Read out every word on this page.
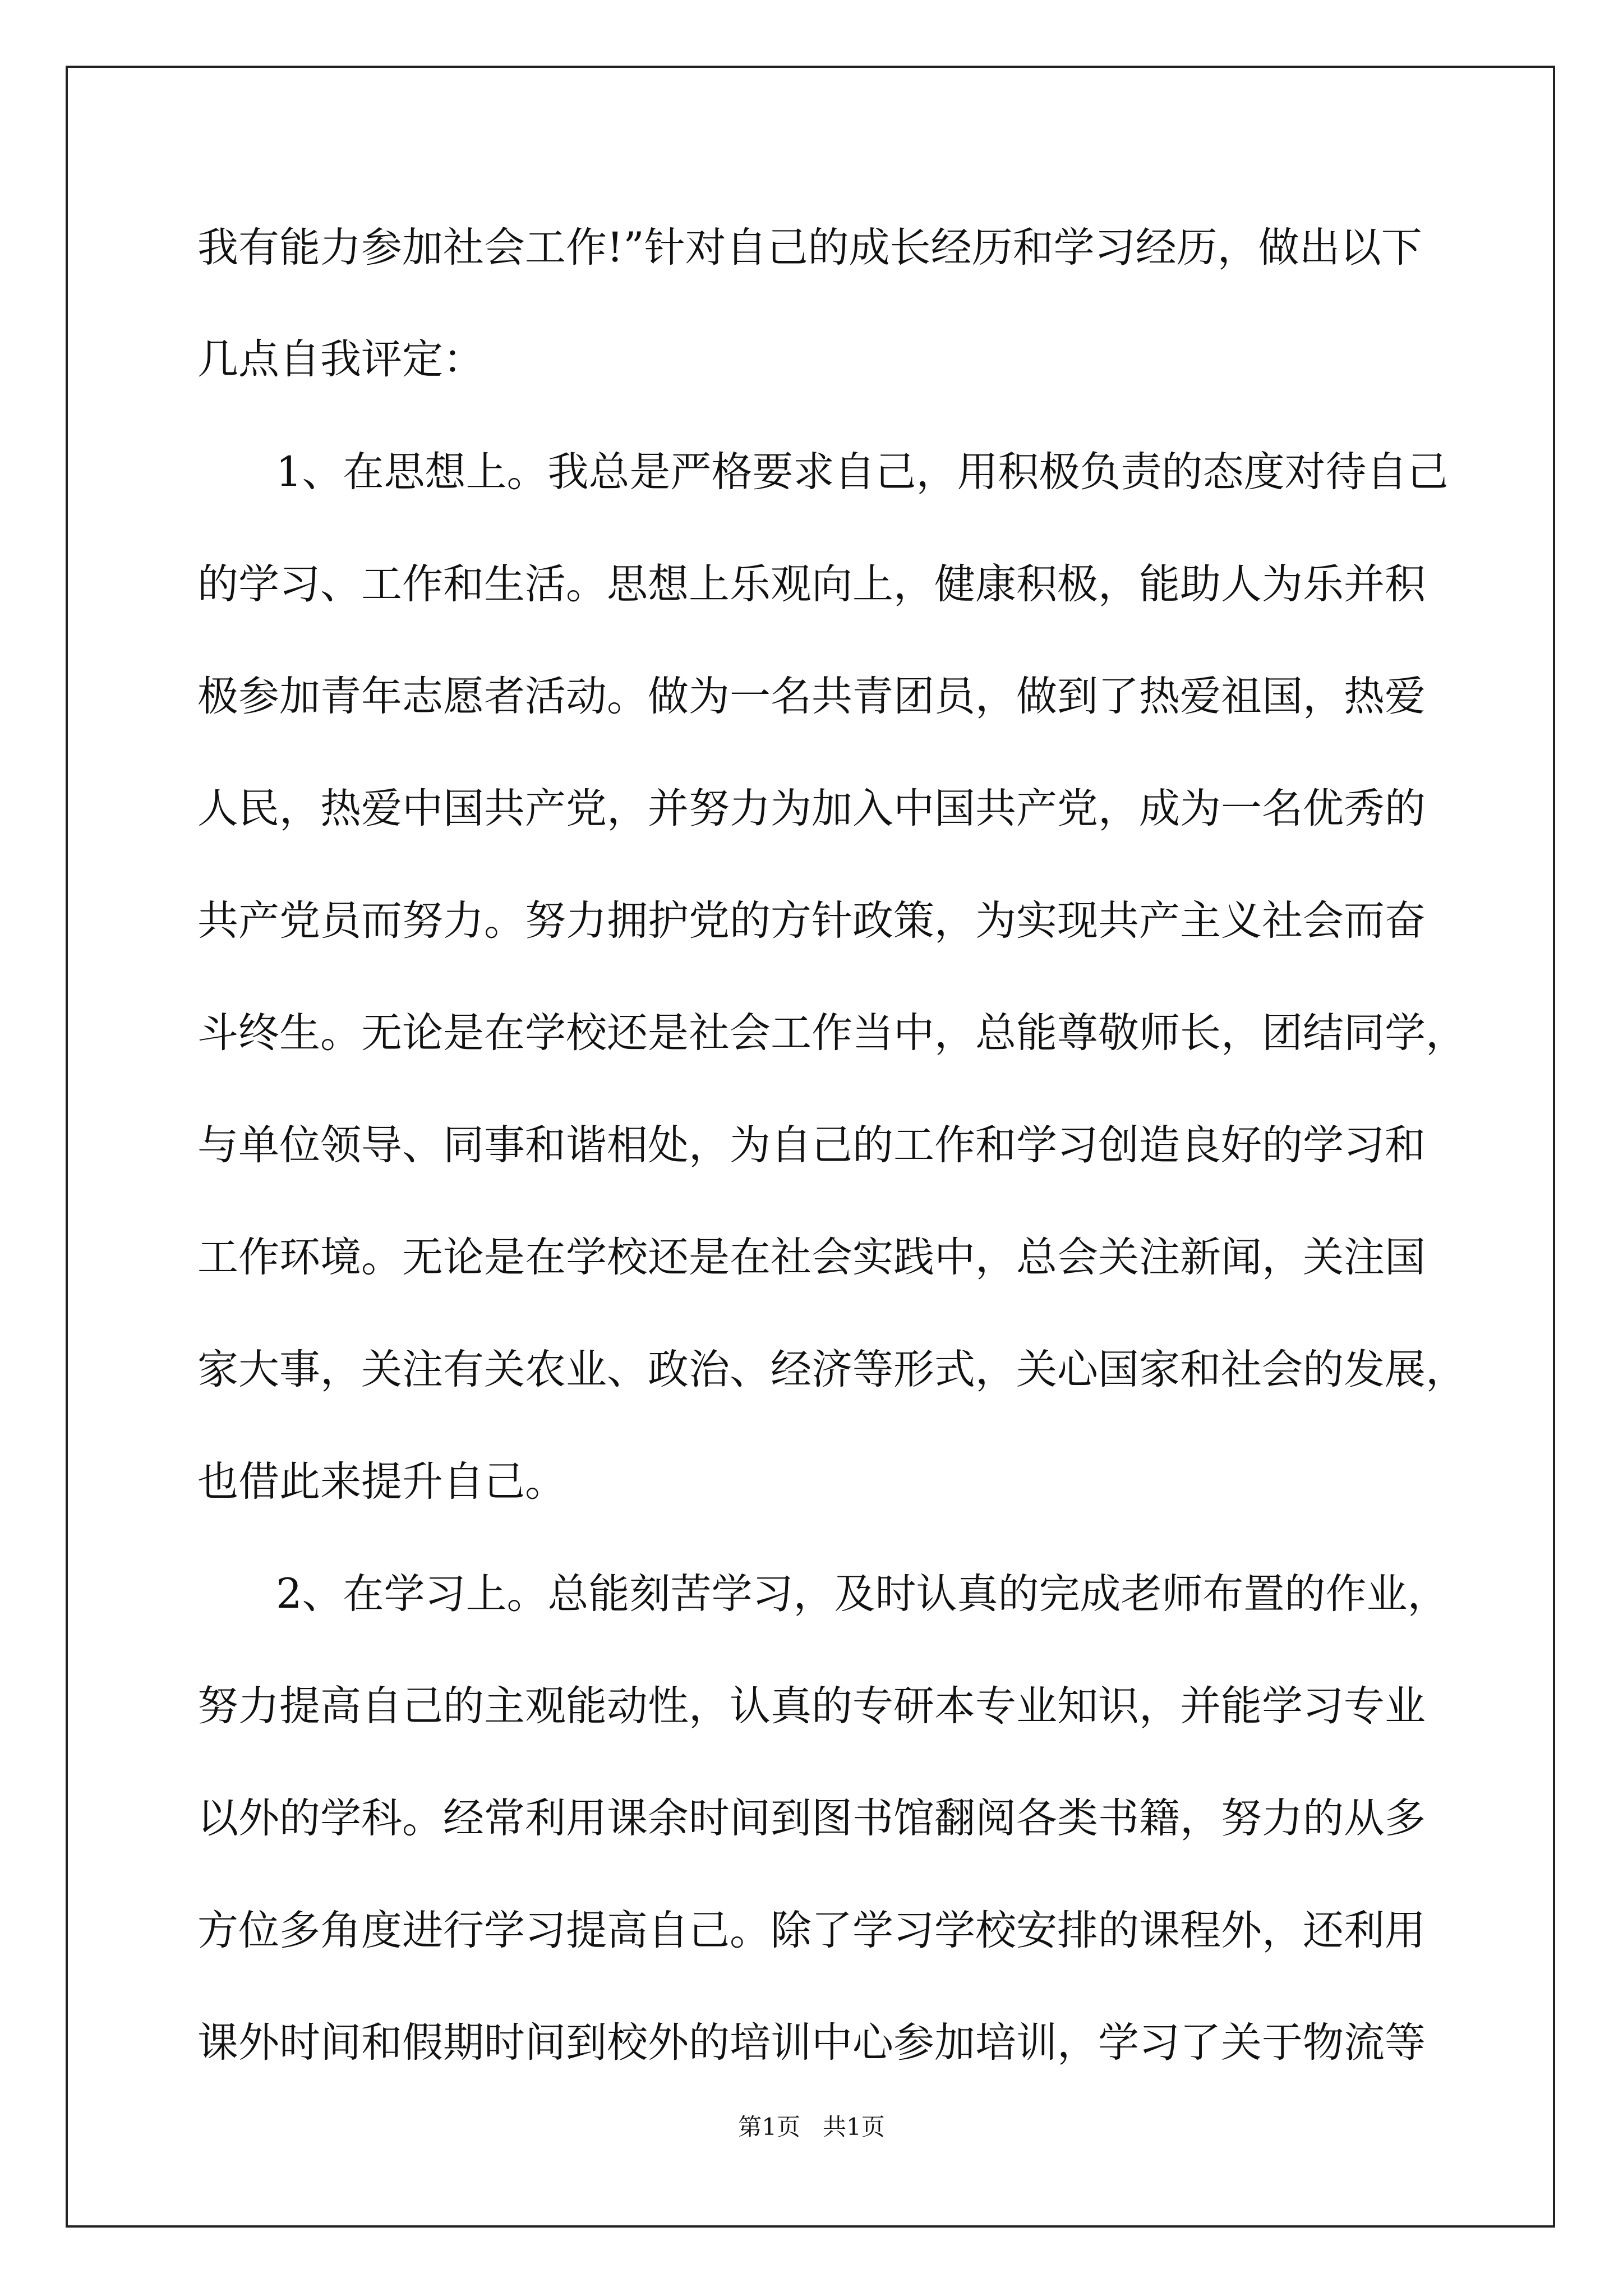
我有能力参加社会工作!”针对自己的成长经历和学习经历，做出以下
几点自我评定：
1、在思想上。我总是严格要求自己，用积极负责的态度对待自己
的学习、工作和生活。思想上乐观向上，健康积极，能助人为乐并积
极参加青年志愿者活动。做为一名共青团员，做到了热爱祖国，热爱
人民，热爱中国共产党，并努力为加入中国共产党，成为一名优秀的
共产党员而努力。努力拥护党的方针政策，为实现共产主义社会而奋
斗终生。无论是在学校还是社会工作当中，总能尊敬师长，团结同学，
与单位领导、同事和谐相处，为自己的工作和学习创造良好的学习和
工作环境。无论是在学校还是在社会实践中，总会关注新闻，关注国
家大事，关注有关农业、政治、经济等形式，关心国家和社会的发展，
也借此来提升自己。
2、在学习上。总能刻苦学习，及时认真的完成老师布置的作业，
努力提高自己的主观能动性，认真的专研本专业知识，并能学习专业
以外的学科。经常利用课余时间到图书馆翻阅各类书籍，努力的从多
方位多角度进行学习提高自己。除了学习学校安排的课程外，还利用
课外时间和假期时间到校外的培训中心参加培训，学习了关于物流等
第1页   共1页
